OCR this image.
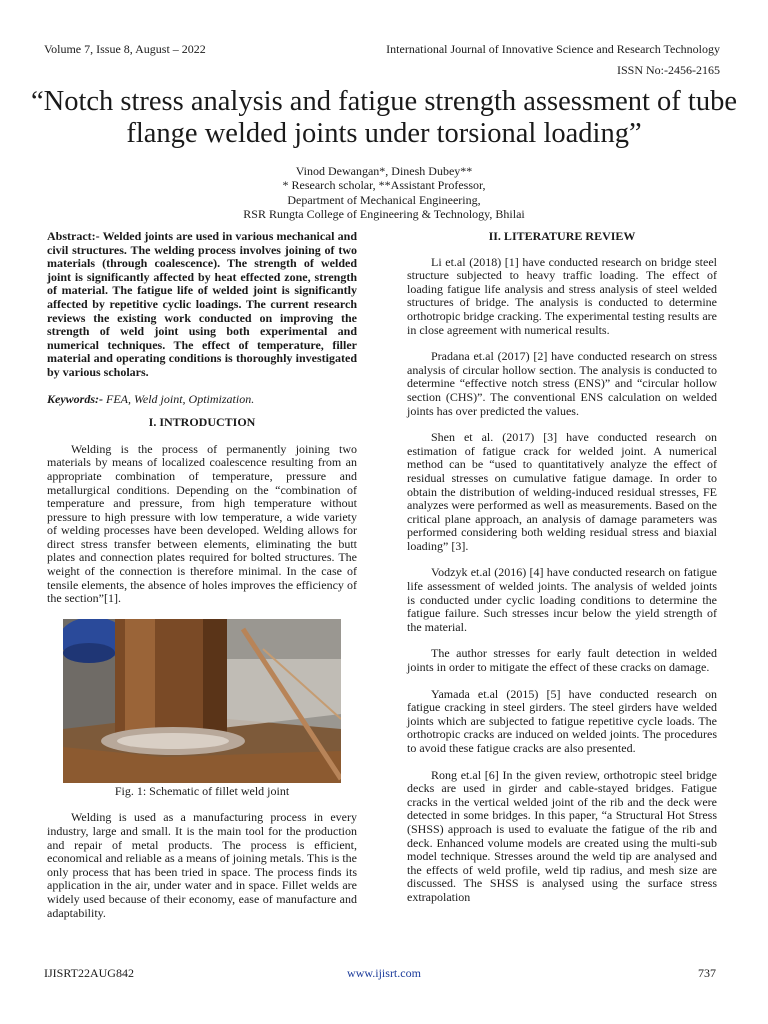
Volume 7, Issue 8, August – 2022	International Journal of Innovative Science and Research Technology
ISSN No:-2456-2165
“Notch stress analysis and fatigue strength assessment of tube flange welded joints under torsional loading”
Vinod Dewangan*, Dinesh Dubey**
* Research scholar, **Assistant Professor,
Department of Mechanical Engineering,
RSR Rungta College of Engineering & Technology, Bhilai

Abstract:- Welded joints are used in various mechanical and civil structures. The welding process involves joining of two materials (through coalescence). The strength of welded joint is significantly affected by heat effected zone, strength of material. The fatigue life of welded joint is significantly affected by repetitive cyclic loadings. The current research reviews the existing work conducted on improving the strength of weld joint using both experimental and numerical techniques. The effect of temperature, filler material and operating conditions is thoroughly investigated by various scholars.

Keywords:- FEA, Weld joint, Optimization.

I. INTRODUCTION

Welding is the process of permanently joining two materials by means of localized coalescence resulting from an appropriate combination of temperature, pressure and metallurgical conditions. Depending on the “combination of temperature and pressure, from high temperature without pressure to high pressure with low temperature, a wide variety of welding processes have been developed. Welding allows for direct stress transfer between elements, eliminating the butt plates and connection plates required for bolted structures. The weight of the connection is therefore minimal. In the case of tensile elements, the absence of holes improves the efficiency of the section”[1].

Fig. 1: Schematic of fillet weld joint

Welding is used as a manufacturing process in every industry, large and small. It is the main tool for the production and repair of metal products. The process is efficient, economical and reliable as a means of joining metals. This is the only process that has been tried in space. The process finds its application in the air, under water and in space. Fillet welds are widely used because of their economy, ease of manufacture and adaptability.

II. LITERATURE REVIEW

Li et.al (2018) [1] have conducted research on bridge steel structure subjected to heavy traffic loading. The effect of loading fatigue life analysis and stress analysis of steel welded structures of bridge. The analysis is conducted to determine orthotropic bridge cracking. The experimental testing results are in close agreement with numerical results.

Pradana et.al (2017) [2] have conducted research on stress analysis of circular hollow section. The analysis is conducted to determine “effective notch stress (ENS)” and “circular hollow section (CHS)”. The conventional ENS calculation on welded joints has over predicted the values.

Shen et al. (2017) [3] have conducted research on estimation of fatigue crack for welded joint. A numerical method can be “used to quantitatively analyze the effect of residual stresses on cumulative fatigue damage. In order to obtain the distribution of welding-induced residual stresses, FE analyzes were performed as well as measurements. Based on the critical plane approach, an analysis of damage parameters was performed considering both welding residual stress and biaxial loading” [3].

Vodzyk et.al (2016) [4] have conducted research on fatigue life assessment of welded joints. The analysis of welded joints is conducted under cyclic loading conditions to determine the fatigue failure. Such stresses incur below the yield strength of the material.

The author stresses for early fault detection in welded joints in order to mitigate the effect of these cracks on damage.

Yamada et.al (2015) [5] have conducted research on fatigue cracking in steel girders. The steel girders have welded joints which are subjected to fatigue repetitive cycle loads. The orthotropic cracks are induced on welded joints. The procedures to avoid these fatigue cracks are also presented.

Rong et.al [6] In the given review, orthotropic steel bridge decks are used in girder and cable-stayed bridges. Fatigue cracks in the vertical welded joint of the rib and the deck were detected in some bridges. In this paper, “a Structural Hot Stress (SHSS) approach is used to evaluate the fatigue of the rib and deck. Enhanced volume models are created using the multi-sub model technique. Stresses around the weld tip are analysed and the effects of weld profile, weld tip radius, and mesh size are discussed. The SHSS is analysed using the surface stress extrapolation

IJISRT22AUG842	www.ijisrt.com	737
